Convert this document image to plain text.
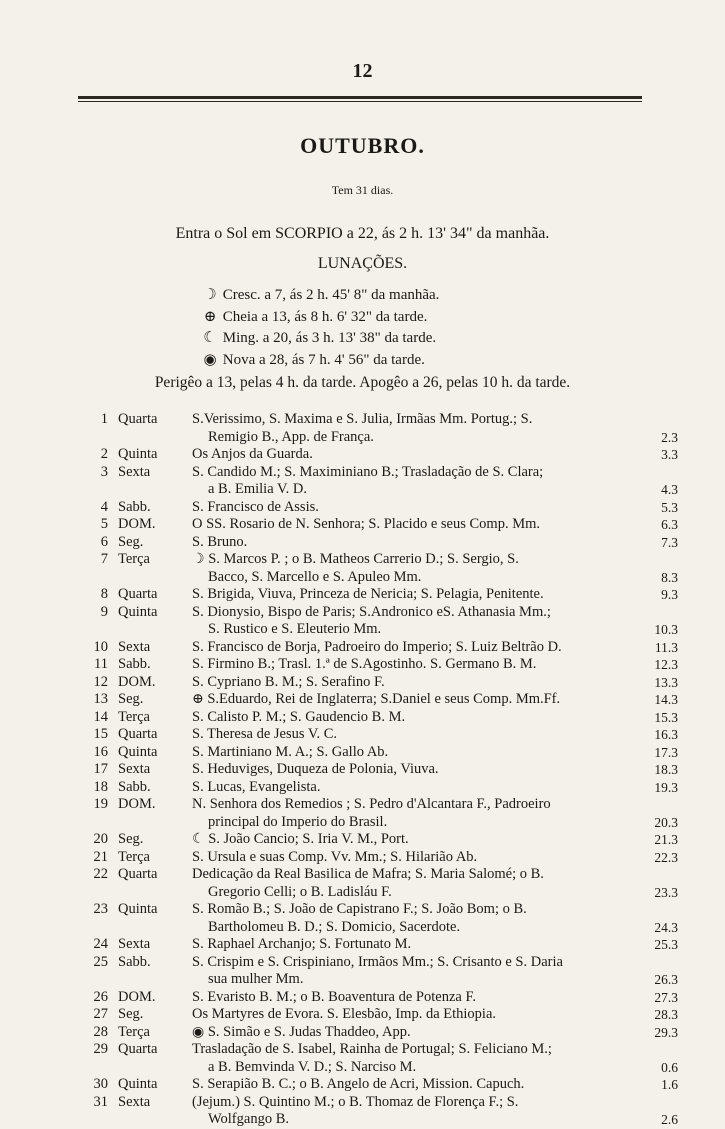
12
OUTUBRO.
Tem 31 dias.
Entra o Sol em SCORPIO a 22, ás 2 h. 13' 34" da manhãa.
LUNAÇÕES.
☽ Cresc. a 7, ás 2 h. 45' 8" da manhãa.
⊕ Cheia a 13, ás 8 h. 6' 32" da tarde.
☾ Ming. a 20, ás 3 h. 13' 38" da tarde.
◉ Nova a 28, ás 7 h. 4' 56" da tarde.
Perigêo a 13, pelas 4 h. da tarde. Apogêo a 26, pelas 10 h. da tarde.
1 Quarta	S.Verissimo, S. Maxima e S. Julia, Irmãas Mm. Portug.; S.
Remigio B., App. de França.	2.3
2 Quinta	Os Anjos da Guarda.	3.3
3 Sexta	S. Candido M.; S. Maximiniano B.; Trasladação de S. Clara;
a B. Emilia V. D.	4.3
4 Sabb.	S. Francisco de Assis.	5.3
5 DOM.	O SS. Rosario de N. Senhora; S. Placido e seus Comp. Mm.	6.3
6 Seg.	S. Bruno.	7.3
7 Terça	☽ S. Marcos P. ; o B. Matheos Carrerio D.; S. Sergio, S.
Bacco, S. Marcello e S. Apuleo Mm.	8.3
8 Quarta	S. Brigida, Viuva, Princeza de Nericia; S. Pelagia, Penitente.	9.3
9 Quinta	S. Dionysio, Bispo de Paris; S.Andronico eS. Athanasia Mm.;
S. Rustico e S. Eleuterio Mm.	10.3
10 Sexta	S. Francisco de Borja, Padroeiro do Imperio; S. Luiz Beltrão D.	11.3
11 Sabb.	S. Firmino B.; Trasl. 1.ª de S.Agostinho. S. Germano B. M.	12.3
12 DOM.	S. Cypriano B. M.; S. Serafino F.	13.3
13 Seg.	⊕ S.Eduardo, Rei de Inglaterra; S.Daniel e seus Comp. Mm.Ff.	14.3
14 Terça	S. Calisto P. M.; S. Gaudencio B. M.	15.3
15 Quarta	S. Theresa de Jesus V. C.	16.3
16 Quinta	S. Martiniano M. A.; S. Gallo Ab.	17.3
17 Sexta	S. Heduviges, Duqueza de Polonia, Viuva.	18.3
18 Sabb.	S. Lucas, Evangelista.	19.3
19 DOM.	N. Senhora dos Remedios ; S. Pedro d'Alcantara F., Padroeiro
principal do Imperio do Brasil.	20.3
20 Seg.	☾ S. João Cancio; S. Iria V. M., Port.	21.3
21 Terça	S. Ursula e suas Comp. Vv. Mm.; S. Hilarião Ab.	22.3
22 Quarta	Dedicação da Real Basilica de Mafra; S. Maria Salomé; o B.
Gregorio Celli; o B. Ladisláu F.	23.3
23 Quinta	S. Romão B.; S. João de Capistrano F.; S. João Bom; o B.
Bartholomeu B. D.; S. Domicio, Sacerdote.	24.3
24 Sexta	S. Raphael Archanjo; S. Fortunato M.	25.3
25 Sabb.	S. Crispim e S. Crispiniano, Irmãos Mm.; S. Crisanto e S. Daria
sua mulher Mm.	26.3
26 DOM.	S. Evaristo B. M.; o B. Boaventura de Potenza F.	27.3
27 Seg.	Os Martyres de Evora. S. Elesbão, Imp. da Ethiopia.	28.3
28 Terça	◉ S. Simão e S. Judas Thaddeo, App.	29.3
29 Quarta	Trasladação de S. Isabel, Rainha de Portugal; S. Feliciano M.;
a B. Bemvinda V. D.; S. Narciso M.	0.6
30 Quinta	S. Serapião B. C.; o B. Angelo de Acri, Mission. Capuch.	1.6
31 Sexta	(Jejum.) S. Quintino M.; o B. Thomaz de Florença F.; S.
Wolfgango B.	2.6
